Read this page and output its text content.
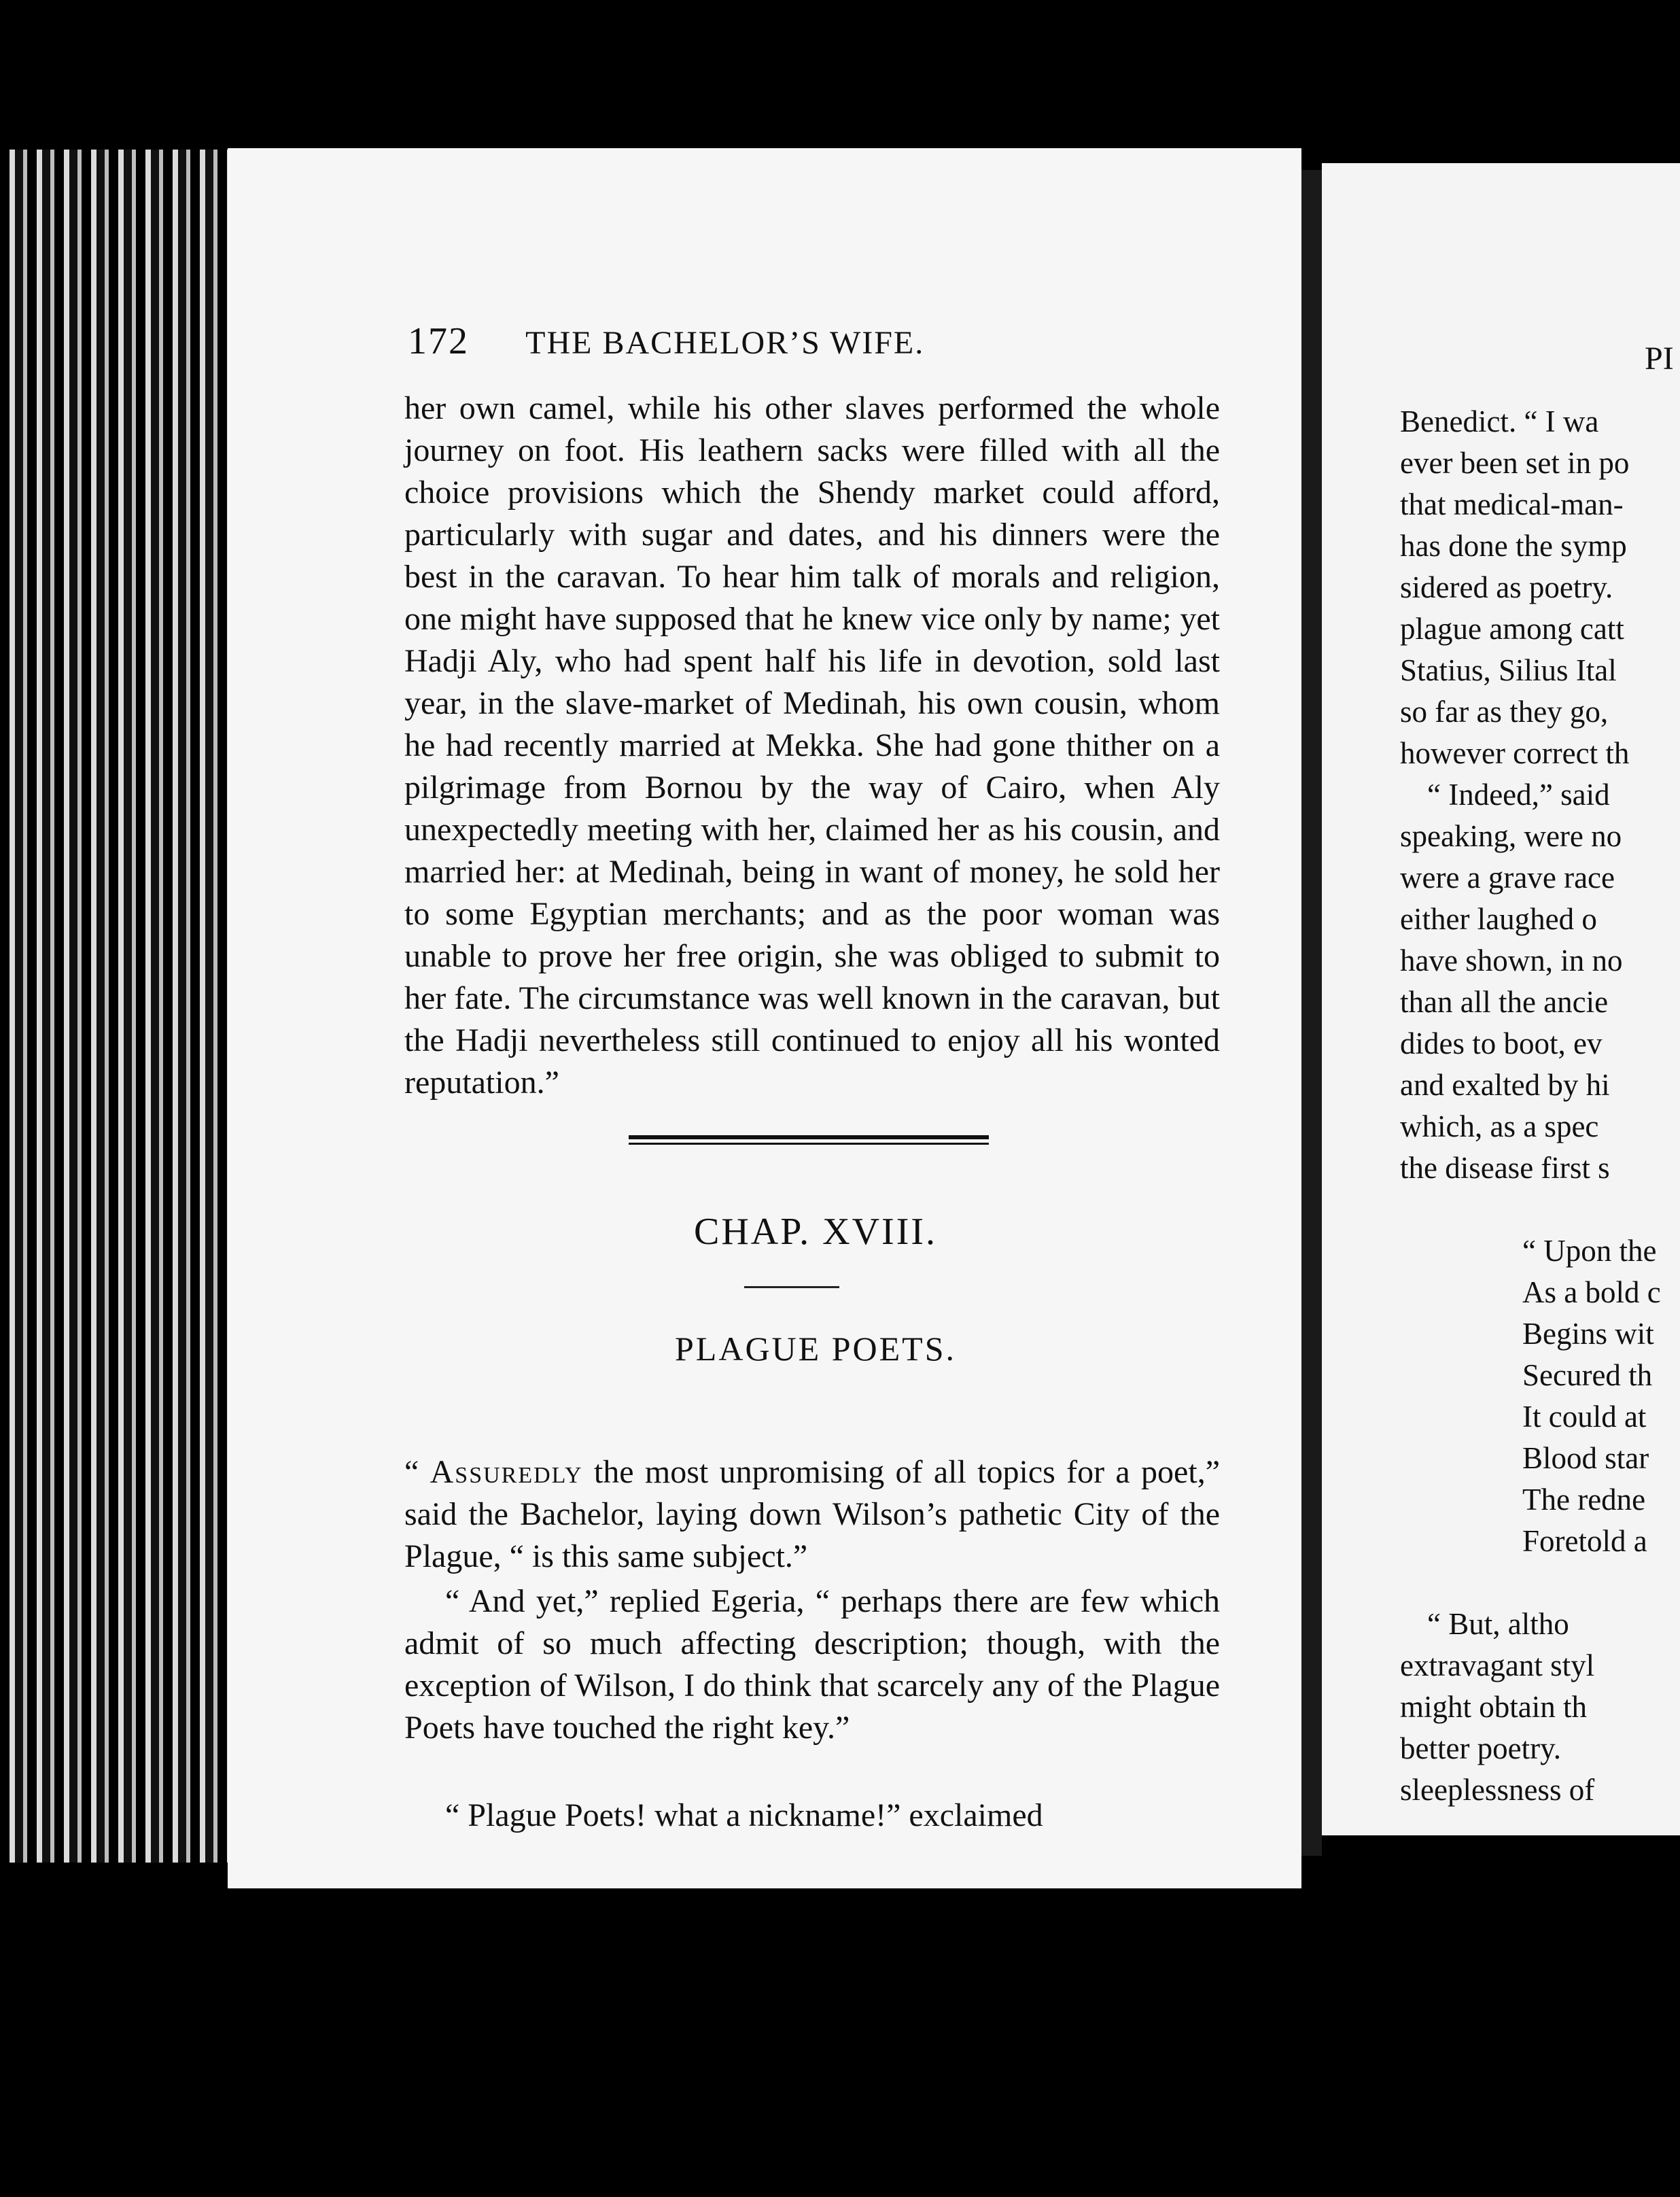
172 THE BACHELOR’S WIFE.
her own camel, while his other slaves performed the whole journey on foot. His leathern sacks were filled with all the choice provisions which the Shendy market could afford, particularly with sugar and dates, and his dinners were the best in the caravan. To hear him talk of morals and religion, one might have supposed that he knew vice only by name; yet Hadji Aly, who had spent half his life in devotion, sold last year, in the slave-market of Medinah, his own cousin, whom he had recently married at Mekka. She had gone thither on a pilgrimage from Bornou by the way of Cairo, when Aly unexpectedly meeting with her, claimed her as his cousin, and married her: at Medinah, being in want of money, he sold her to some Egyptian merchants; and as the poor woman was unable to prove her free origin, she was obliged to submit to her fate. The circumstance was well known in the caravan, but the Hadji nevertheless still continued to enjoy all his wonted reputation.”
CHAP. XVIII.
PLAGUE POETS.
“ Assuredly the most unpromising of all topics for a poet,” said the Bachelor, laying down Wilson’s pathetic City of the Plague, “ is this same subject.”
“ And yet,” replied Egeria, “ perhaps there are few which admit of so much affecting description; though, with the exception of Wilson, I do think that scarcely any of the Plague Poets have touched the right key.”
“ Plague Poets! what a nickname!” exclaimed
PI
Benedict. “ I wa
ever been set in po
that medical-man-
has done the symp
sidered as poetry.
plague among catt
Statius, Silius Ital
so far as they go,
however correct th
“ Indeed,” said
speaking, were no
were a grave race
either laughed o
have shown, in no
than all the ancie
dides to boot, ev
and exalted by hi
which, as a spec
the disease first s
“ Upon the
As a bold c
Begins wit
Secured th
It could at
Blood star
The redne
Foretold a
“ But, altho
extravagant styl
might obtain th
better poetry.
sleeplessness of
